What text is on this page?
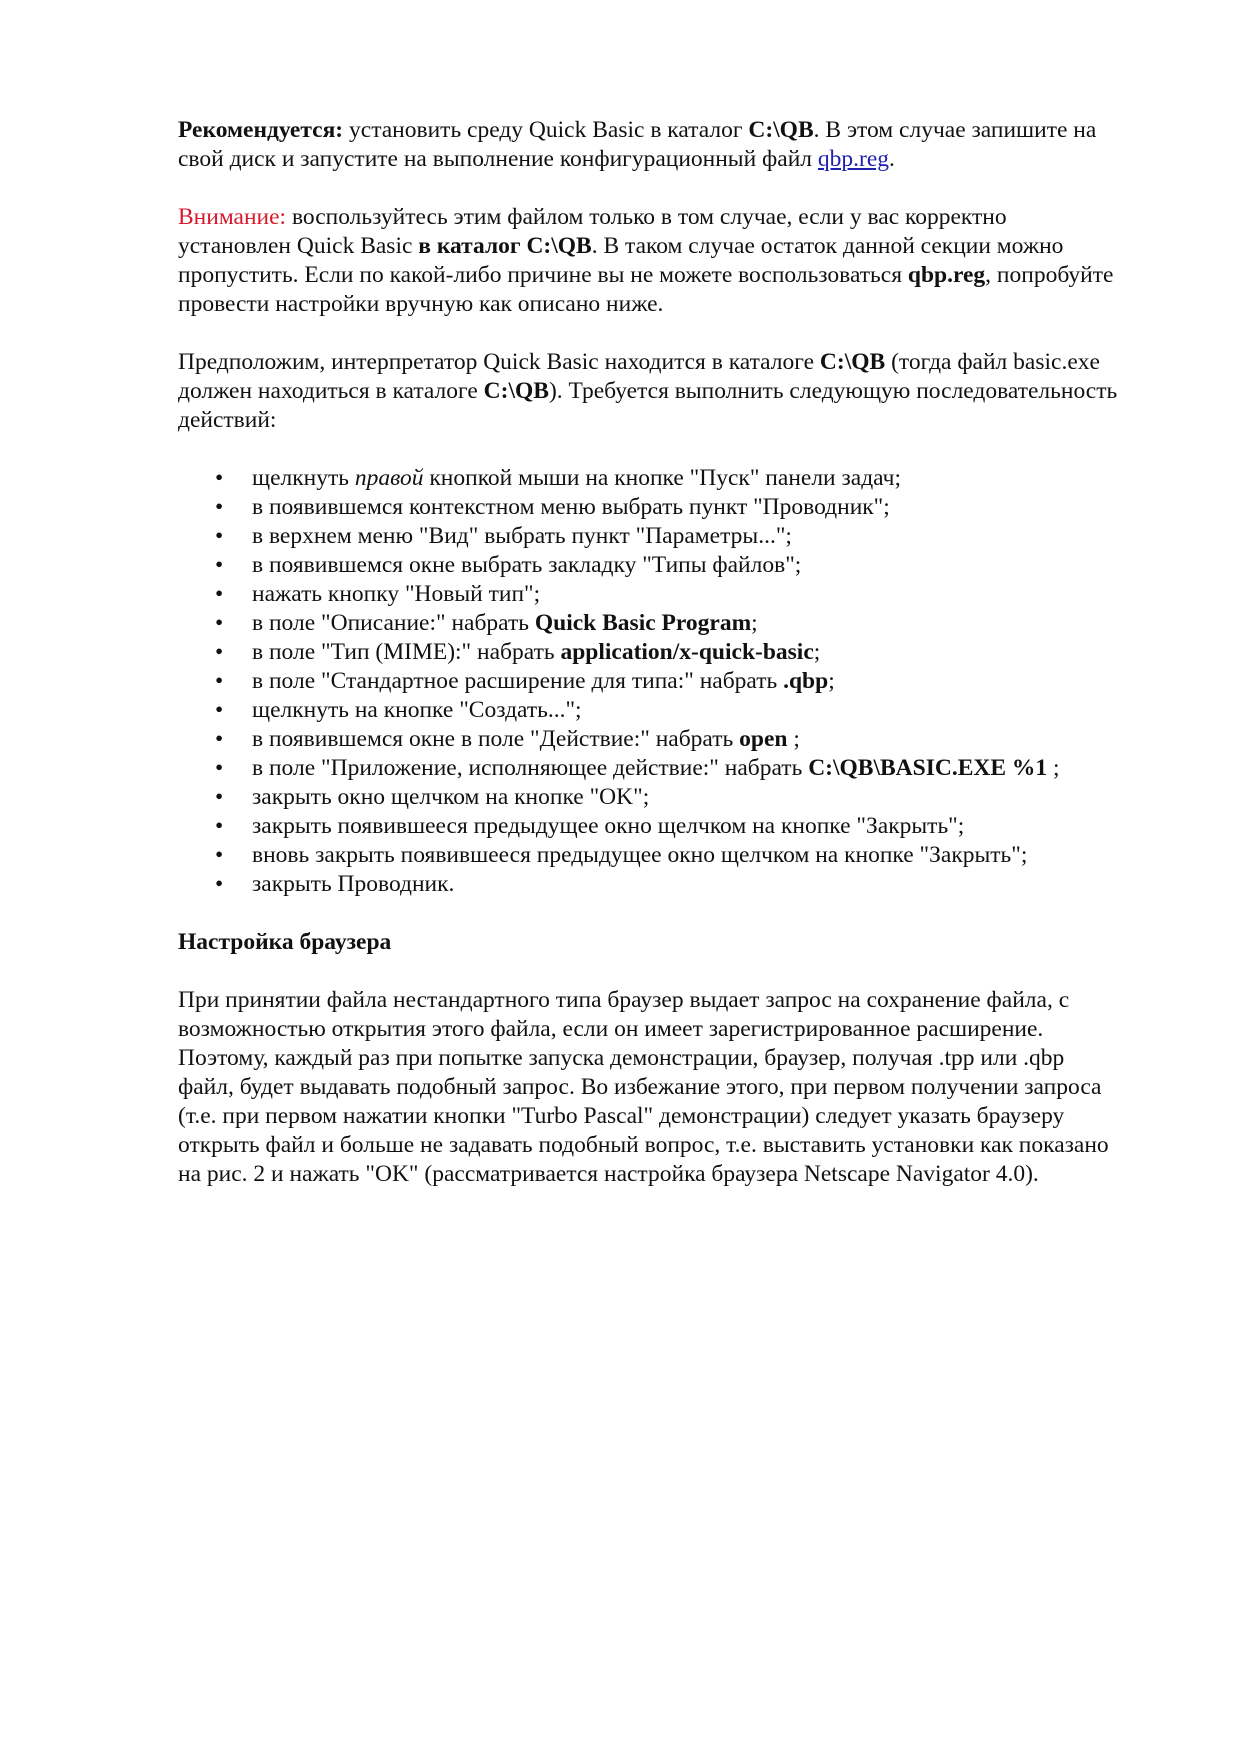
Рекомендуется: установить среду Quick Basic в каталог C:\QB. В этом случае запишите на свой диск и запустите на выполнение конфигурационный файл qbp.reg.

Внимание: воспользуйтесь этим файлом только в том случае, если у вас корректно установлен Quick Basic в каталог C:\QB. В таком случае остаток данной секции можно пропустить. Если по какой-либо причине вы не можете воспользоваться qbp.reg, попробуйте провести настройки вручную как описано ниже.

Предположим, интерпретатор Quick Basic находится в каталоге C:\QB (тогда файл basic.exe должен находиться в каталоге C:\QB). Требуется выполнить следующую последовательность действий:

• щелкнуть правой кнопкой мыши на кнопке "Пуск" панели задач;
• в появившемся контекстном меню выбрать пункт "Проводник";
• в верхнем меню "Вид" выбрать пункт "Параметры...";
• в появившемся окне выбрать закладку "Типы файлов";
• нажать кнопку "Новый тип";
• в поле "Описание:" набрать Quick Basic Program;
• в поле "Тип (MIME):" набрать application/x-quick-basic;
• в поле "Стандартное расширение для типа:" набрать .qbp;
• щелкнуть на кнопке "Создать...";
• в появившемся окне в поле "Действие:" набрать open ;
• в поле "Приложение, исполняющее действие:" набрать C:\QB\BASIC.EXE %1 ;
• закрыть окно щелчком на кнопке "OK";
• закрыть появившееся предыдущее окно щелчком на кнопке "Закрыть";
• вновь закрыть появившееся предыдущее окно щелчком на кнопке "Закрыть";
• закрыть Проводник.
Настройка браузера

При принятии файла нестандартного типа браузер выдает запрос на сохранение файла, с возможностью открытия этого файла, если он имеет зарегистрированное расширение. Поэтому, каждый раз при попытке запуска демонстрации, браузер, получая .tpp или .qbp файл, будет выдавать подобный запрос. Во избежание этого, при первом получении запроса (т.е. при первом нажатии кнопки "Turbo Pascal" демонстрации) следует указать браузеру открыть файл и больше не задавать подобный вопрос, т.е. выставить установки как показано на рис. 2 и нажать "OK" (рассматривается настройка браузера Netscape Navigator 4.0).
